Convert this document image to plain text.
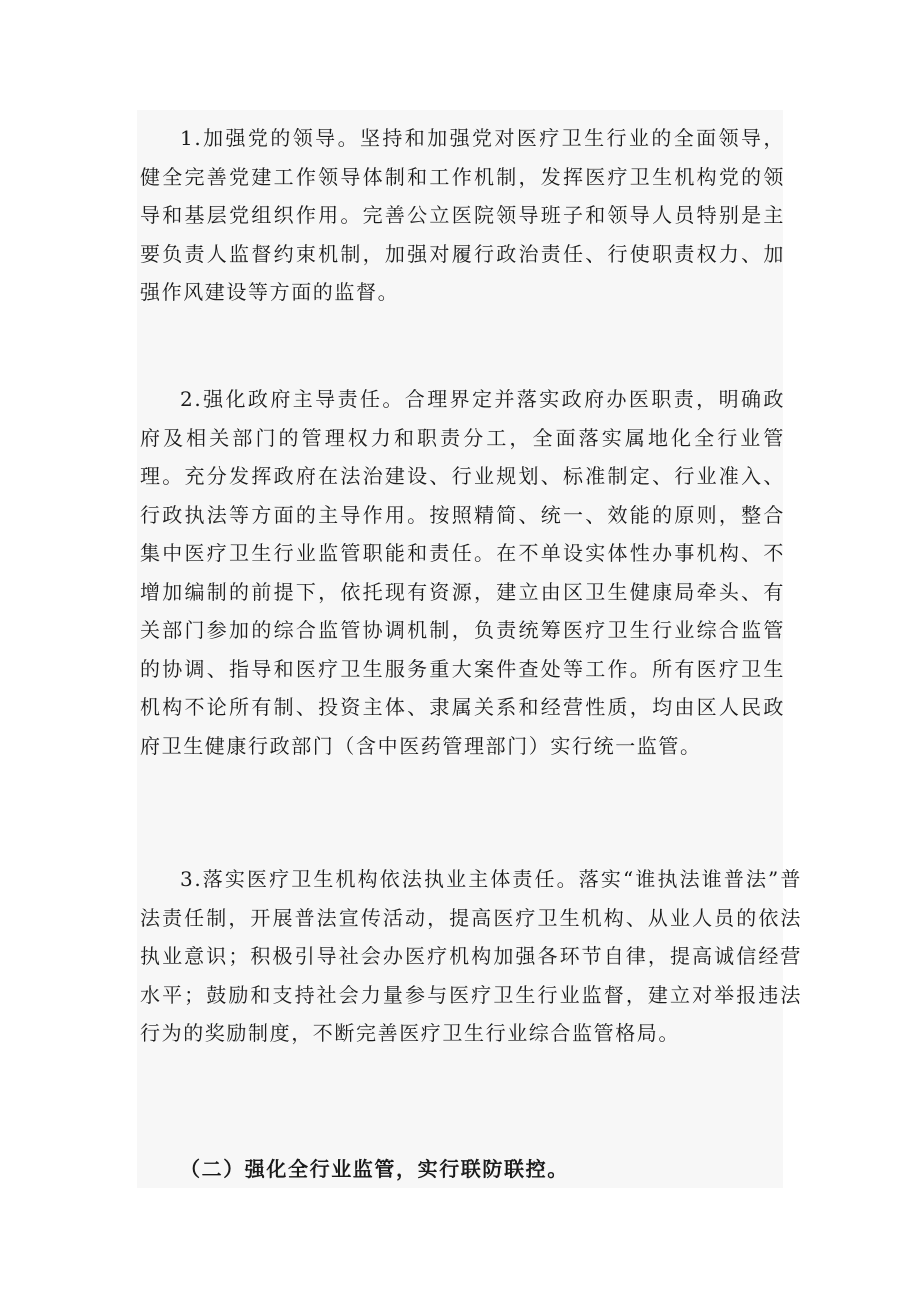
1.加强党的领导。坚持和加强党对医疗卫生行业的全面领导，健全完善党建工作领导体制和工作机制，发挥医疗卫生机构党的领导和基层党组织作用。完善公立医院领导班子和领导人员特别是主要负责人监督约束机制，加强对履行政治责任、行使职责权力、加强作风建设等方面的监督。

2.强化政府主导责任。合理界定并落实政府办医职责，明确政府及相关部门的管理权力和职责分工，全面落实属地化全行业管理。充分发挥政府在法治建设、行业规划、标准制定、行业准入、行政执法等方面的主导作用。按照精简、统一、效能的原则，整合集中医疗卫生行业监管职能和责任。在不单设实体性办事机构、不增加编制的前提下，依托现有资源，建立由区卫生健康局牵头、有关部门参加的综合监管协调机制，负责统筹医疗卫生行业综合监管的协调、指导和医疗卫生服务重大案件查处等工作。所有医疗卫生机构不论所有制、投资主体、隶属关系和经营性质，均由区人民政府卫生健康行政部门（含中医药管理部门）实行统一监管。

3.落实医疗卫生机构依法执业主体责任。落实“谁执法谁普法”普法责任制，开展普法宣传活动，提高医疗卫生机构、从业人员的依法执业意识；积极引导社会办医疗机构加强各环节自律，提高诚信经营水平；鼓励和支持社会力量参与医疗卫生行业监督，建立对举报违法行为的奖励制度，不断完善医疗卫生行业综合监管格局。

（二）强化全行业监管，实行联防联控。
